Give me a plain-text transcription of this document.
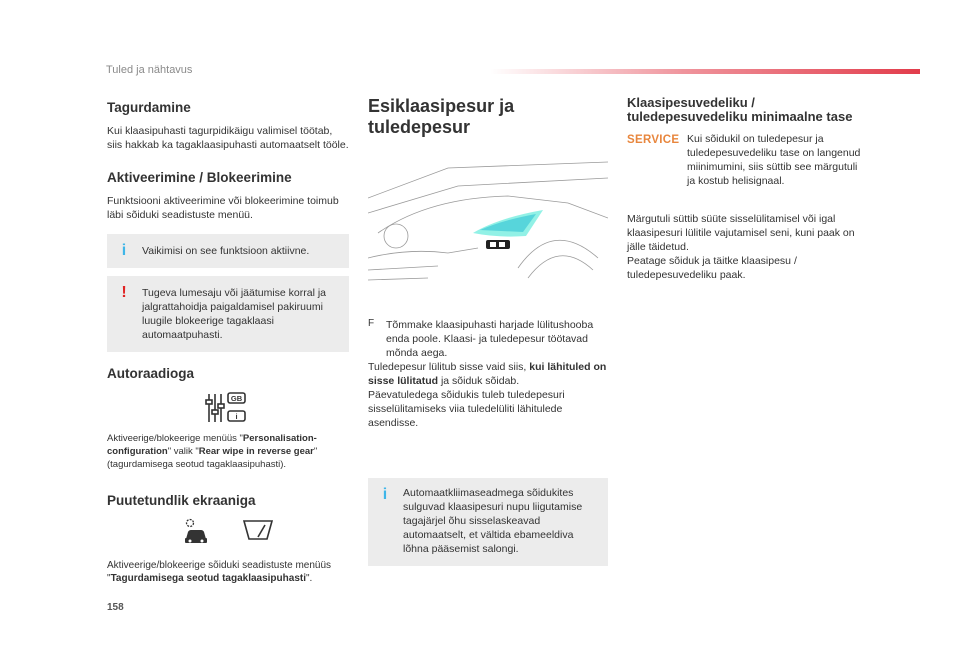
Tuled ja nähtavus
Tagurdamine

Kui klaasipuhasti tagurpidikäigu valimisel töötab, siis hakkab ka tagaklaasipuhasti automaatselt tööle.

Aktiveerimine / Blokeerimine

Funktsiooni aktiveerimine või blokeerimine toimub läbi sõiduki seadistuste menüü.

i	Vaikimisi on see funktsioon aktiivne.

!	Tugeva lumesaju või jäätumise korral ja jalgrattahoidja paigaldamisel pakiruumi luugile blokeerige tagaklaasi automaatpuhasti.

Autoraadioga
GB
i

Aktiveerige/blokeerige menüüs "Personalisation-configuration" valik "Rear wipe in reverse gear" (tagurdamisega seotud tagaklaasipuhasti).

Puutetundlik ekraaniga

Aktiveerige/blokeerige sõiduki seadistuste menüüs "Tagurdamisega seotud tagaklaasipuhasti".

Esiklaasipesur ja
tuledepesur
F	Tõmmake klaasipuhasti harjade lülitushooba enda poole. Klaasi- ja tuledepesur töötavad mõnda aega.

Tuledepesur lülitub sisse vaid siis, kui lähituled on sisse lülitatud ja sõiduk sõidab.

Päevatuledega sõidukis tuleb tuledepesuri sisselülitamiseks viia tuledelüliti lähitulede asendisse.

i	Automaatkliimaseadmega sõidukites sulguvad klaasipesuri nupu liigutamise tagajärjel õhu sisselaskeavad automaatselt, et vältida ebameeldiva lõhna pääsemist salongi.

Klaasipesuvedeliku /
tuledepesuvedeliku minimaalne tase
SERVICE Kui sõidukil on tuledepesur ja tuledepesuvedeliku tase on langenud miinimumini, siis süttib see märgutuli ja kostub helisignaal.

Märgutuli süttib süüte sisselülitamisel või igal klaasipesuri lülitile vajutamisel seni, kuni paak on jälle täidetud.

Peatage sõiduk ja täitke klaasipesu / tuledepesuvedeliku paak.

158
